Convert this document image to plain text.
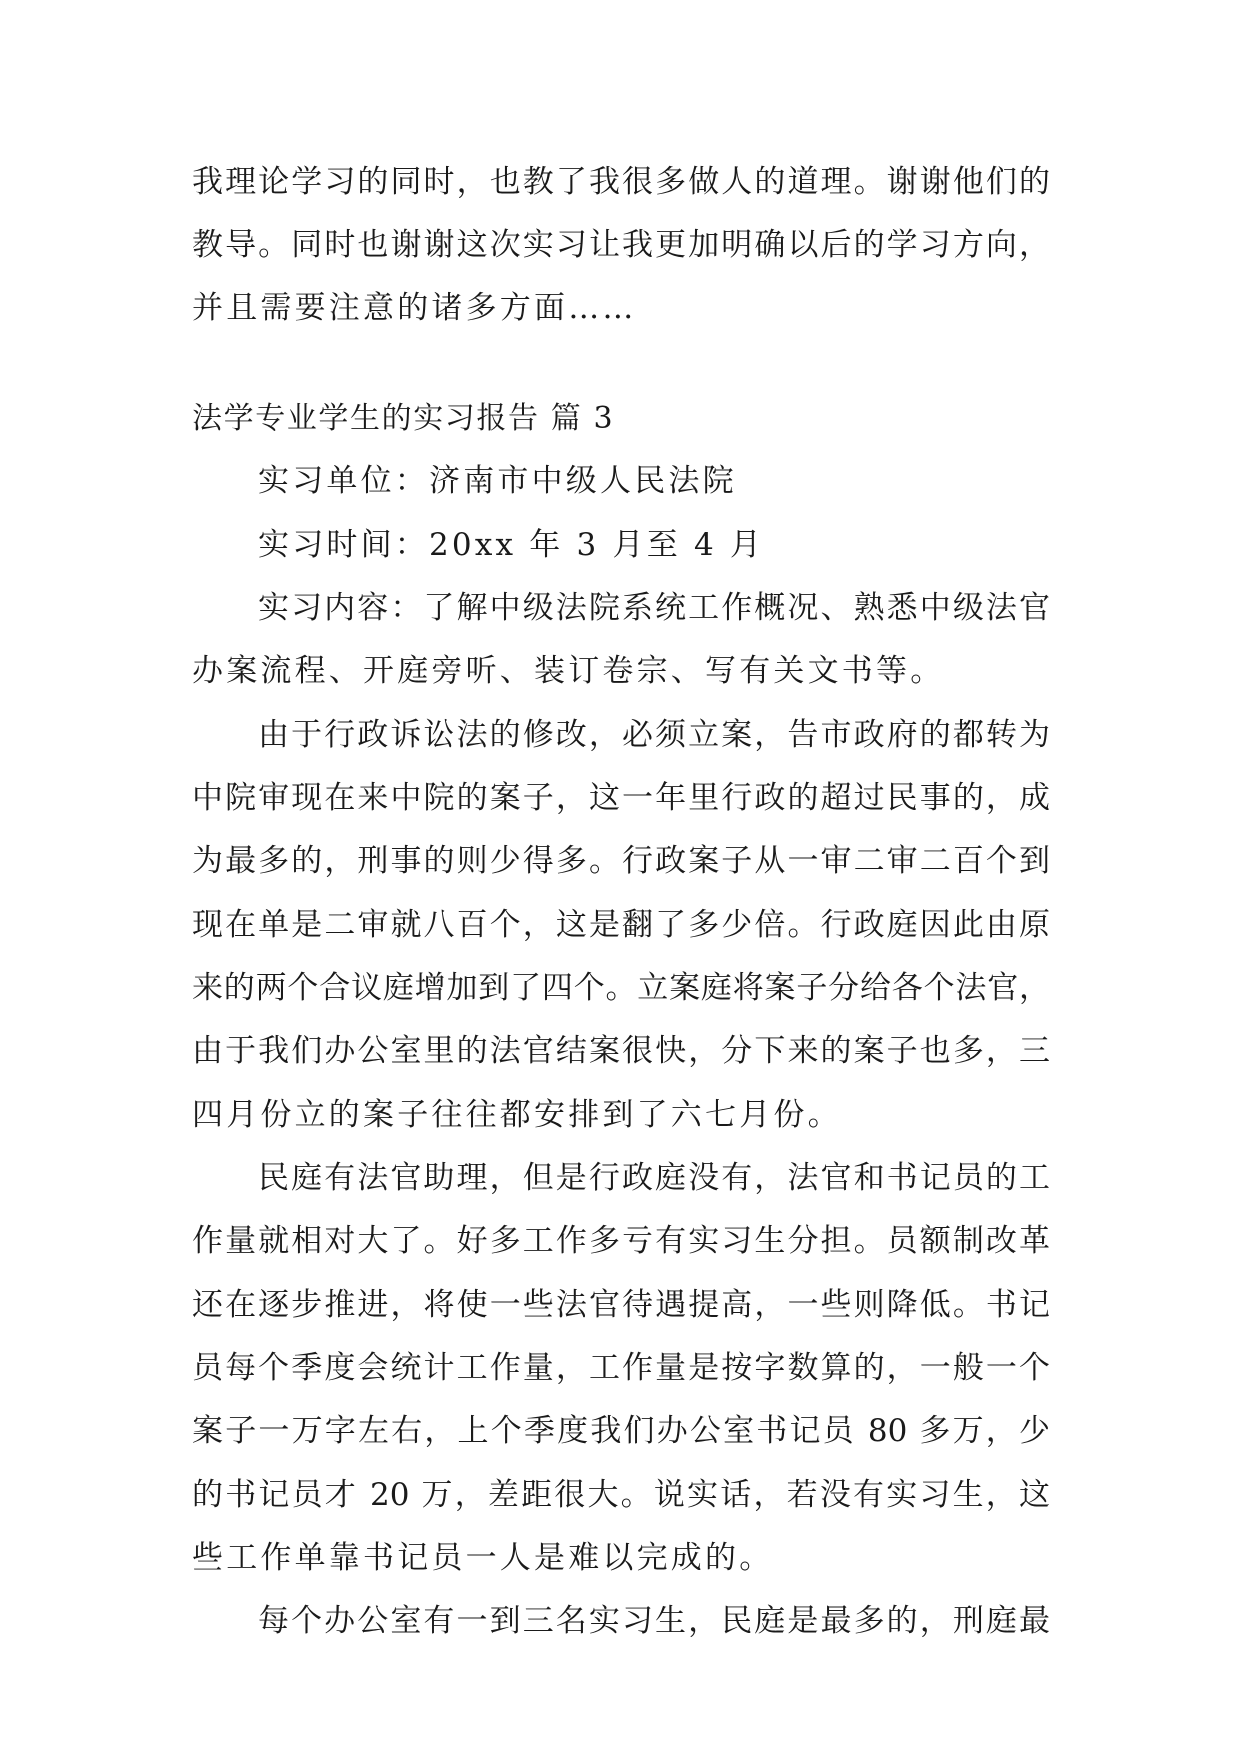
我理论学习的同时，也教了我很多做人的道理。谢谢他们的
教导。同时也谢谢这次实习让我更加明确以后的学习方向，
并且需要注意的诸多方面……
法学专业学生的实习报告 篇 3
实习单位：济南市中级人民法院
实习时间：20xx 年 3 月至 4 月
实习内容：了解中级法院系统工作概况、熟悉中级法官
办案流程、开庭旁听、装订卷宗、写有关文书等。
由于行政诉讼法的修改，必须立案，告市政府的都转为
中院审现在来中院的案子，这一年里行政的超过民事的，成
为最多的，刑事的则少得多。行政案子从一审二审二百个到
现在单是二审就八百个，这是翻了多少倍。行政庭因此由原
来的两个合议庭增加到了四个。立案庭将案子分给各个法官，
由于我们办公室里的法官结案很快，分下来的案子也多，三
四月份立的案子往往都安排到了六七月份。
民庭有法官助理，但是行政庭没有，法官和书记员的工
作量就相对大了。好多工作多亏有实习生分担。员额制改革
还在逐步推进，将使一些法官待遇提高，一些则降低。书记
员每个季度会统计工作量，工作量是按字数算的，一般一个
案子一万字左右，上个季度我们办公室书记员 80 多万，少
的书记员才 20 万，差距很大。说实话，若没有实习生，这
些工作单靠书记员一人是难以完成的。
每个办公室有一到三名实习生，民庭是最多的，刑庭最
